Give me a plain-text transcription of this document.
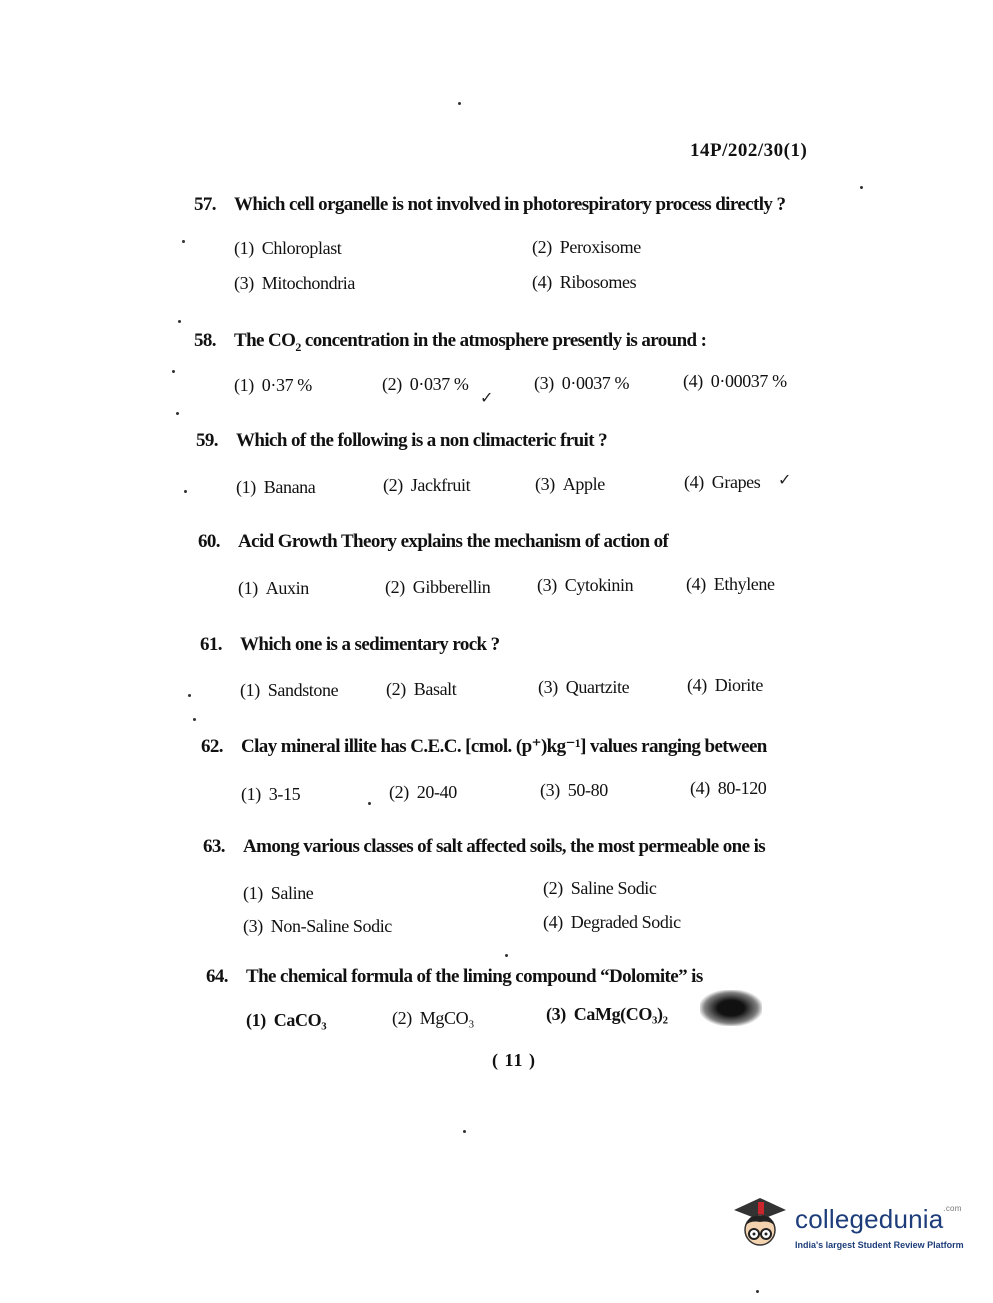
14P/202/30(1)
57. Which cell organelle is not involved in photorespiratory process directly ?
(1) Chloroplast	(2) Peroxisome
(3) Mitochondria	(4) Ribosomes
58. The $CO_2$ concentration in the atmosphere presently is around :
(1) 0·37 %	(2) 0·037 %
✓
(3) 0·0037 %	(4) 0·00037 %
59. Which of the following is a non climacteric fruit ?
(1) Banana	(2) Jackfruit	(3) Apple	(4) Grapes ✓
60. Acid Growth Theory explains the mechanism of action of
(1) Auxin	(2) Gibberellin	(3) Cytokinin	(4) Ethylene
61. Which one is a sedimentary rock ?
(1) Sandstone	(2) Basalt	(3) Quartzite	(4) Diorite
62. Clay mineral illite has C.E.C. [cmol. (p⁺)kg⁻¹] values ranging between
(1) 3-15	(2) 20-40	(3) 50-80	(4) 80-120
63. Among various classes of salt affected soils, the most permeable one is
(1) Saline	(2) Saline Sodic
(3) Non-Saline Sodic	(4) Degraded Sodic
64. The chemical formula of the liming compound “Dolomite” is
(1) CaCO₃	(2) MgCO₃	(3) CaMg(CO₃)₂
( 11 )
collegedunia$^{.com}$
India's largest Student Review Platform
